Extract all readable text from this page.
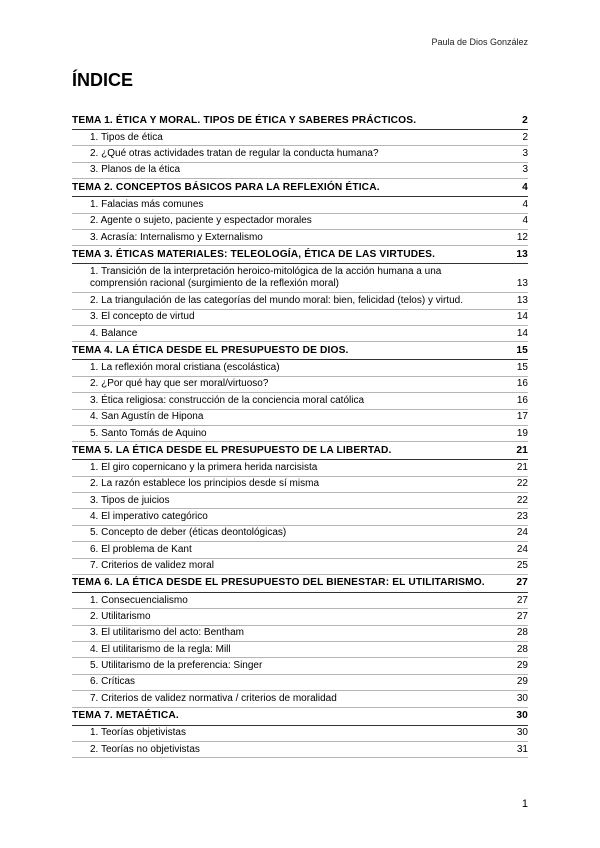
Paula de Dios González
ÍNDICE
TEMA 1. ÉTICA Y MORAL. TIPOS DE ÉTICA Y SABERES PRÁCTICOS.	2
1. Tipos de ética	2
2. ¿Qué otras actividades tratan de regular la conducta humana?	3
3. Planos de la ética	3
TEMA 2. CONCEPTOS BÁSICOS PARA LA REFLEXIÓN ÉTICA.	4
1. Falacias más comunes	4
2. Agente o sujeto, paciente y espectador morales	4
3. Acrasía: Internalismo y Externalismo	12
TEMA 3. ÉTICAS MATERIALES: TELEOLOGÍA, ÉTICA DE LAS VIRTUDES.	13
1. Transición de la interpretación heroico-mitológica de la acción humana a una comprensión racional (surgimiento de la reflexión moral)	13
2. La triangulación de las categorías del mundo moral: bien, felicidad (telos) y virtud.	13
3. El concepto de virtud	14
4. Balance	14
TEMA 4. LA ÉTICA DESDE EL PRESUPUESTO DE DIOS.	15
1. La reflexión moral cristiana (escolástica)	15
2. ¿Por qué hay que ser moral/virtuoso?	16
3. Ética religiosa: construcción de la conciencia moral católica	16
4. San Agustín de Hipona	17
5. Santo Tomás de Aquino	19
TEMA 5. LA ÉTICA DESDE EL PRESUPUESTO DE LA LIBERTAD.	21
1. El giro copernicano y la primera herida narcisista	21
2. La razón establece los principios desde sí misma	22
3. Tipos de juicios	22
4. El imperativo categórico	23
5. Concepto de deber (éticas deontológicas)	24
6. El problema de Kant	24
7. Criterios de validez moral	25
TEMA 6. LA ÉTICA DESDE EL PRESUPUESTO DEL BIENESTAR: EL UTILITARISMO.	27
1. Consecuencialismo	27
2. Utilitarismo	27
3. El utilitarismo del acto: Bentham	28
4. El utilitarismo de la regla: Mill	28
5. Utilitarismo de la preferencia: Singer	29
6. Críticas	29
7. Criterios de validez normativa / criterios de moralidad	30
TEMA 7. METAÉTICA.	30
1. Teorías objetivistas	30
2. Teorías no objetivistas	31
1
